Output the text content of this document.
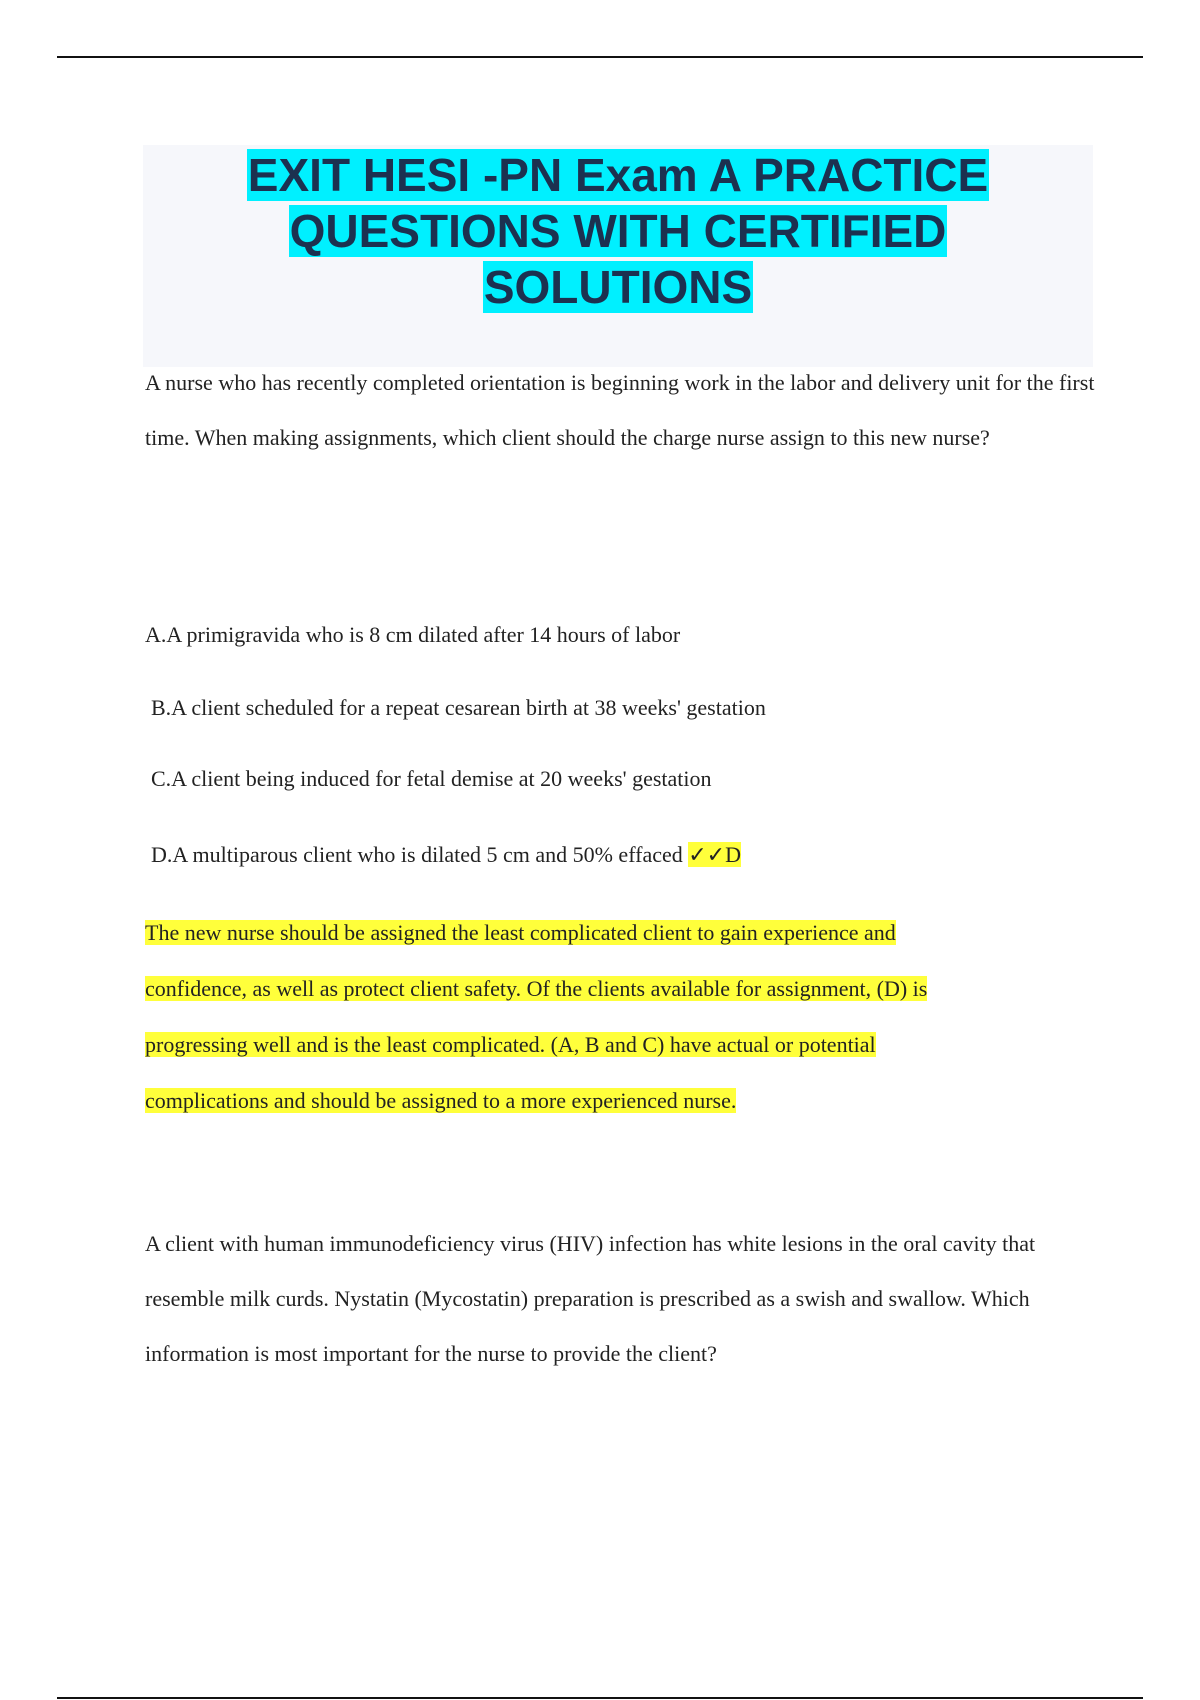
EXIT HESI -PN Exam A PRACTICE
QUESTIONS WITH CERTIFIED
SOLUTIONS

A nurse who has recently completed orientation is beginning work in the labor and delivery unit for the first time. When making assignments, which client should the charge nurse assign to this new nurse?

A.A primigravida who is 8 cm dilated after 14 hours of labor

B.A client scheduled for a repeat cesarean birth at 38 weeks' gestation

C.A client being induced for fetal demise at 20 weeks' gestation

D.A multiparous client who is dilated 5 cm and 50% effaced ✓✓D

The new nurse should be assigned the least complicated client to gain experience and
confidence, as well as protect client safety. Of the clients available for assignment, (D) is
progressing well and is the least complicated. (A, B and C) have actual or potential
complications and should be assigned to a more experienced nurse.

A client with human immunodeficiency virus (HIV) infection has white lesions in the oral cavity that resemble milk curds. Nystatin (Mycostatin) preparation is prescribed as a swish and swallow. Which information is most important for the nurse to provide the client?
